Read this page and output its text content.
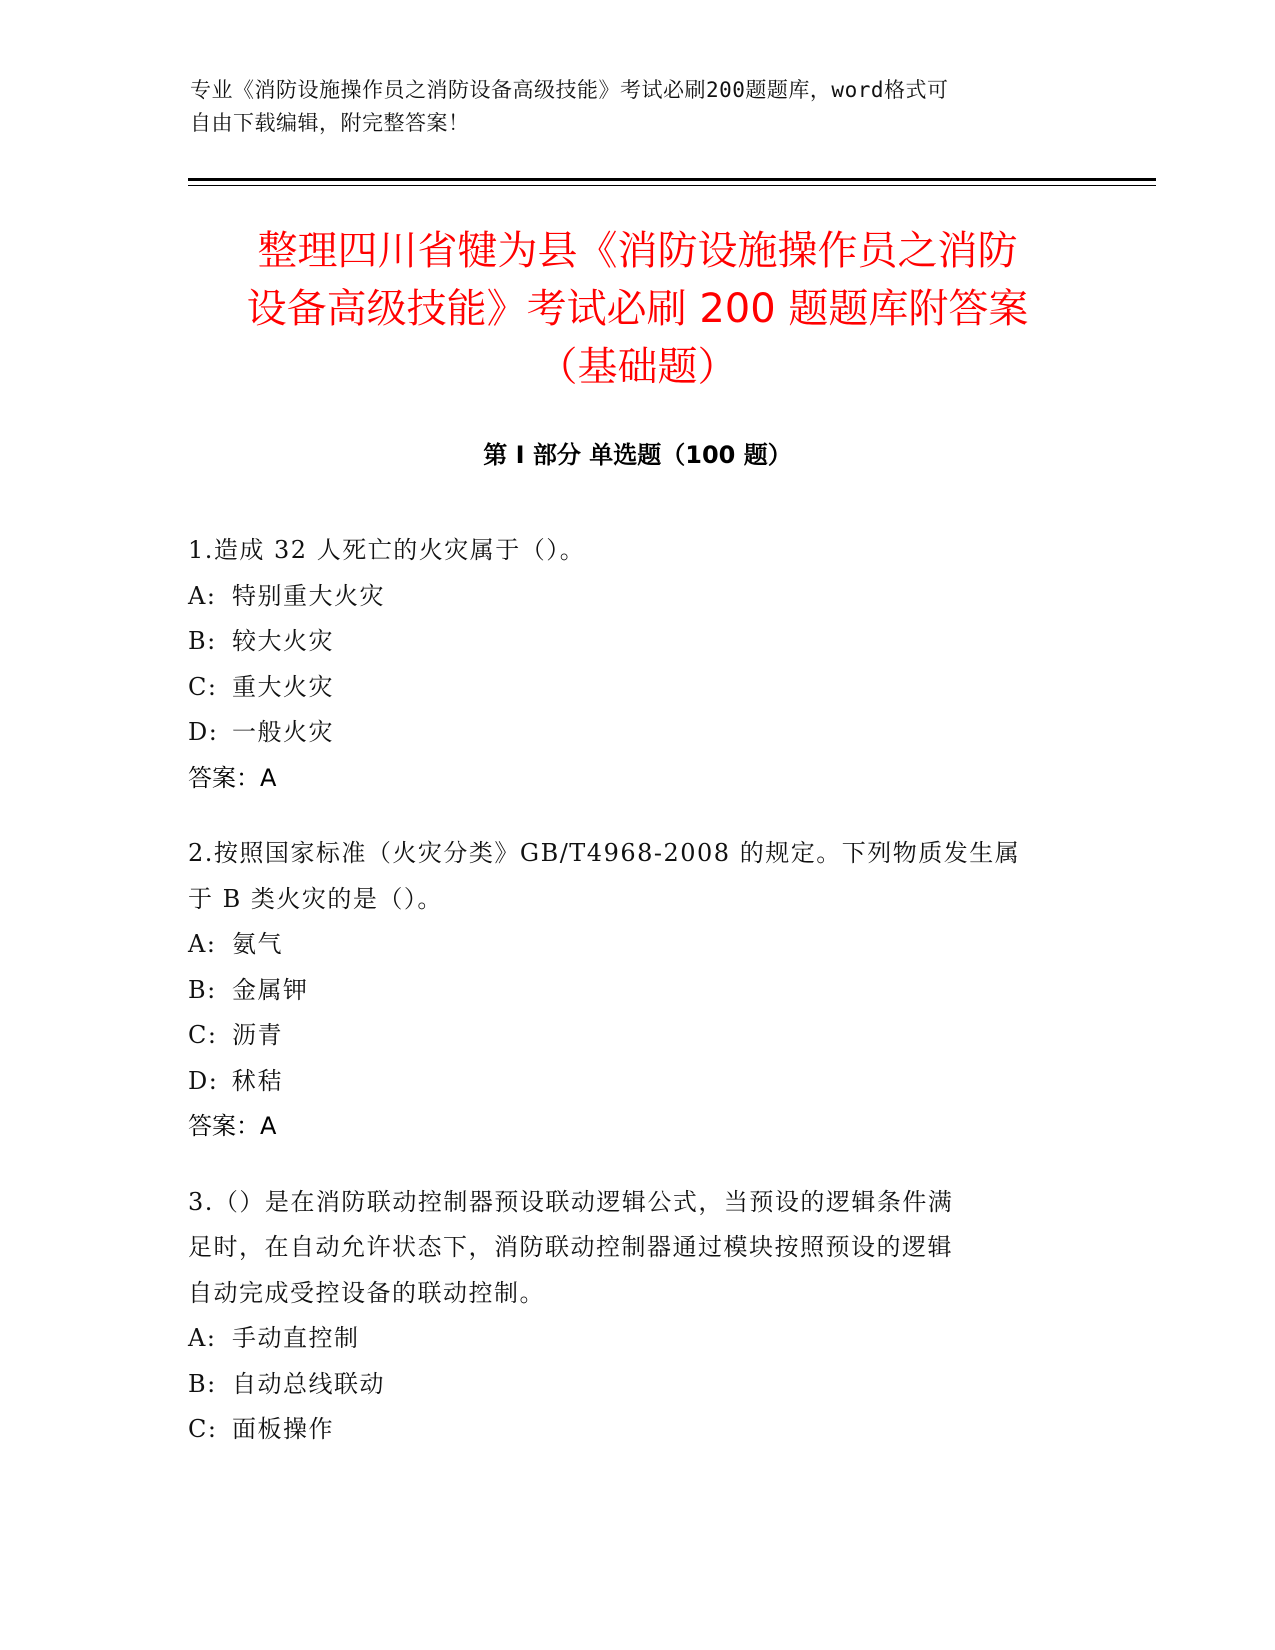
专业《消防设施操作员之消防设备高级技能》考试必刷200题题库，word格式可
自由下载编辑，附完整答案！
整理四川省犍为县《消防设施操作员之消防
设备高级技能》考试必刷 200 题题库附答案
（基础题）
第 I 部分 单选题（100 题）
1.造成 32 人死亡的火灾属于（）。
A: 特别重大火灾
B: 较大火灾
C: 重大火灾
D: 一般火灾
答案：A
2.按照国家标准（火灾分类》GB/T4968-2008 的规定。下列物质发生属
于 B 类火灾的是（）。
A: 氨气
B: 金属钾
C: 沥青
D: 秫秸
答案：A
3.（）是在消防联动控制器预设联动逻辑公式，当预设的逻辑条件满
足时，在自动允许状态下，消防联动控制器通过模块按照预设的逻辑
自动完成受控设备的联动控制。
A: 手动直控制
B: 自动总线联动
C: 面板操作
